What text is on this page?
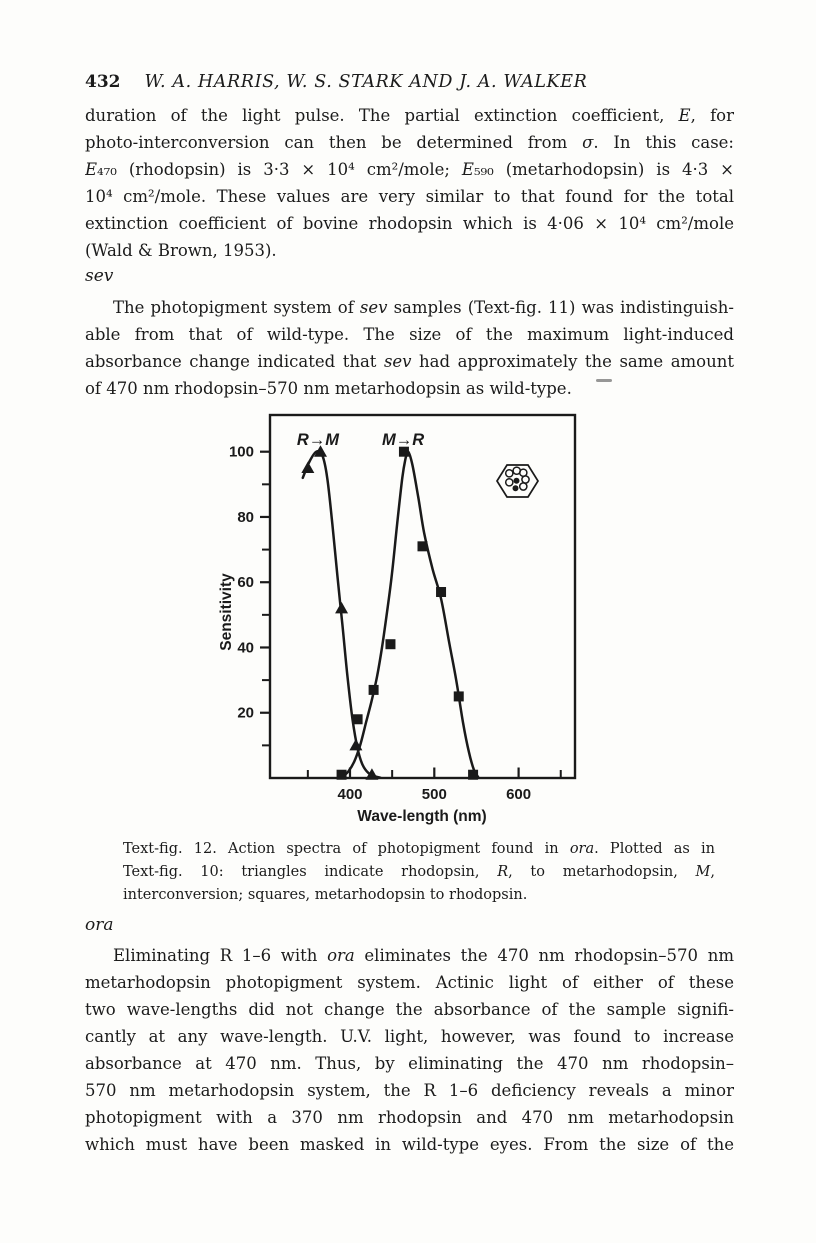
432 W. A. HARRIS, W. S. STARK AND J. A. WALKER
duration of the light pulse. The partial extinction coefficient, E, for
photo-interconversion can then be determined from σ. In this case:
E₄₇₀ (rhodopsin) is 3·3 × 10⁴ cm²/mole; E₅₉₀ (metarhodopsin) is 4·3 ×
10⁴ cm²/mole. These values are very similar to that found for the total
extinction coefficient of bovine rhodopsin which is 4·06 × 10⁴ cm²/mole
(Wald & Brown, 1953).
sev
The photopigment system of sev samples (Text-fig. 11) was indistinguish-
able from that of wild-type. The size of the maximum light-induced
absorbance change indicated that sev had approximately the same amount
of 470 nm rhodopsin–570 nm metarhodopsin as wild-type.
20
40
60
80
100
400	500	600
Wave-length (nm)
Sensitivity
R→M	M→R
Text-fig. 12. Action spectra of photopigment found in ora. Plotted as in
Text-fig. 10: triangles indicate rhodopsin, R, to metarhodopsin, M,
interconversion; squares, metarhodopsin to rhodopsin.
ora
Eliminating R 1–6 with ora eliminates the 470 nm rhodopsin–570 nm
metarhodopsin photopigment system. Actinic light of either of these
two wave-lengths did not change the absorbance of the sample signifi-
cantly at any wave-length. U.V. light, however, was found to increase
absorbance at 470 nm. Thus, by eliminating the 470 nm rhodopsin–
570 nm metarhodopsin system, the R 1–6 deficiency reveals a minor
photopigment with a 370 nm rhodopsin and 470 nm metarhodopsin
which must have been masked in wild-type eyes. From the size of the
